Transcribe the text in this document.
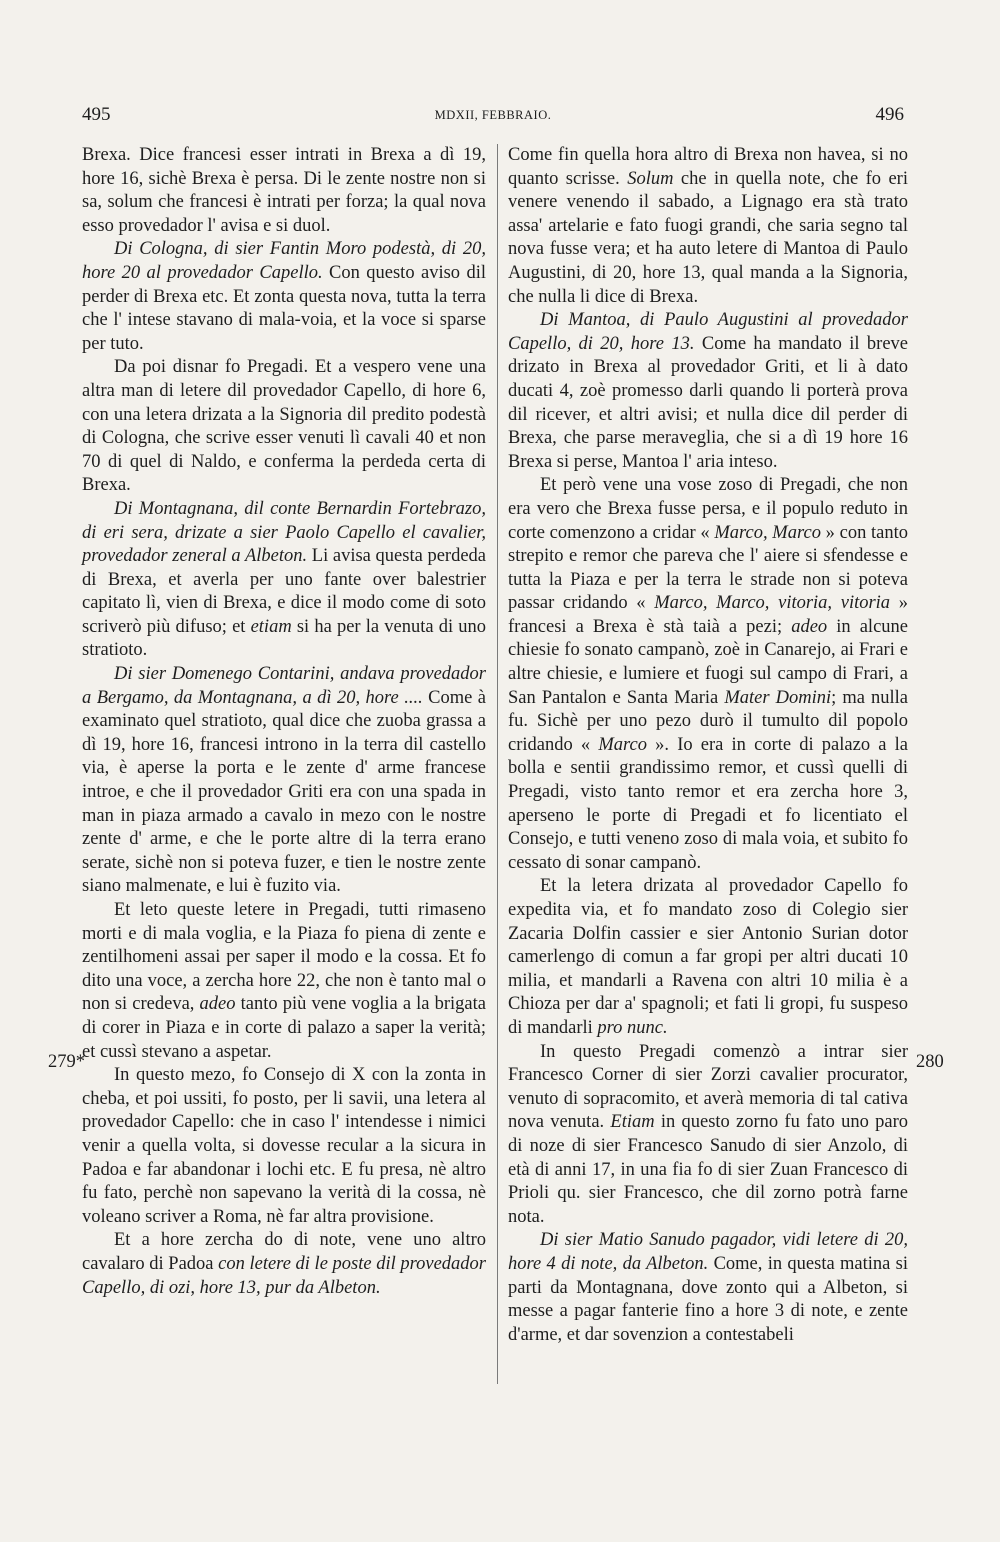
495	MDXII, FEBBRAIO.	496

Brexa. Dice francesi esser intrati in Brexa a dì 19, hore 16, sichè Brexa è persa. Di le zente nostre non si sa, solum che francesi è intrati per forza; la qual nova esso provedador l' avisa e si duol.

Di Cologna, di sier Fantin Moro podestà, di 20, hore 20 al provedador Capello. Con questo aviso dil perder di Brexa etc. Et zonta questa nova, tutta la terra che l' intese stavano di mala-voia, et la voce si sparse per tuto.

Da poi disnar fo Pregadi. Et a vespero vene una altra man di letere dil provedador Capello, di hore 6, con una letera drizata a la Signoria dil predito podestà di Cologna, che scrive esser venuti lì cavali 40 et non 70 di quel di Naldo, e conferma la perdeda certa di Brexa.

Di Montagnana, dil conte Bernardin Fortebrazo, di eri sera, drizate a sier Paolo Capello el cavalier, provedador zeneral a Albeton. Li avisa questa perdeda di Brexa, et averla per uno fante over balestrier capitato lì, vien di Brexa, e dice il modo come di soto scriverò più difuso; et etiam si ha per la venuta di uno stratioto.

Di sier Domenego Contarini, andava provedador a Bergamo, da Montagnana, a dì 20, hore .... Come à examinato quel stratioto, qual dice che zuoba grassa a dì 19, hore 16, francesi introno in la terra dil castello via, è aperse la porta e le zente d' arme francese introe, e che il provedador Griti era con una spada in man in piaza armado a cavalo in mezo con le nostre zente d' arme, e che le porte altre di la terra erano serate, sichè non si poteva fuzer, e tien le nostre zente siano malmenate, e lui è fuzito via.

Et leto queste letere in Pregadi, tutti rimaseno morti e di mala voglia, e la Piaza fo piena di zente e zentilhomeni assai per saper il modo e la cossa. Et fo dito una voce, a zercha hore 22, che non è tanto mal o non si credeva, adeo tanto più vene voglia a la brigata di corer in Piaza e in corte di palazo a saper la verità; et cussì stevano a aspetar.

In questo mezo, fo Consejo di X con la zonta in cheba, et poi ussiti, fo posto, per li savii, una letera al provedador Capello: che in caso l' intendesse i nimici venir a quella volta, si dovesse recular a la sicura in Padoa e far abandonar i lochi etc. E fu presa, nè altro fu fato, perchè non sapevano la verità di la cossa, nè voleano scriver a Roma, nè far altra provisione.

Et a hore zercha do di note, vene uno altro cavalaro di Padoa con letere di le poste dil provedador Capello, di ozi, hore 13, pur da Albeton.

Come fin quella hora altro di Brexa non havea, si no quanto scrisse. Solum che in quella note, che fo eri venere venendo il sabado, a Lignago era stà trato assa' artelarie e fato fuogi grandi, che saria segno tal nova fusse vera; et ha auto letere di Mantoa di Paulo Augustini, di 20, hore 13, qual manda a la Signoria, che nulla li dice di Brexa.

Di Mantoa, di Paulo Augustini al provedador Capello, di 20, hore 13. Come ha mandato il breve drizato in Brexa al provedador Griti, et li à dato ducati 4, zoè promesso darli quando li porterà prova dil ricever, et altri avisi; et nulla dice dil perder di Brexa, che parse meraveglia, che si a dì 19 hore 16 Brexa si perse, Mantoa l' aria inteso.

Et però vene una vose zoso di Pregadi, che non era vero che Brexa fusse persa, e il populo reduto in corte comenzono a cridar « Marco, Marco » con tanto strepito e remor che pareva che l' aiere si sfendesse e tutta la Piaza e per la terra le strade non si poteva passar cridando « Marco, Marco, vitoria, vitoria » francesi a Brexa è stà taià a pezi; adeo in alcune chiesie fo sonato campanò, zoè in Canarejo, ai Frari e altre chiesie, e lumiere et fuogi sul campo di Frari, a San Pantalon e Santa Maria Mater Domini; ma nulla fu. Sichè per uno pezo durò il tumulto dil popolo cridando « Marco ». Io era in corte di palazo a la bolla e sentii grandissimo remor, et cussì quelli di Pregadi, visto tanto remor et era zercha hore 3, aperseno le porte di Pregadi et fo licentiato el Consejo, e tutti veneno zoso di mala voia, et subito fo cessato di sonar campanò.

Et la letera drizata al provedador Capello fo expedita via, et fo mandato zoso di Colegio sier Zacaria Dolfin cassier e sier Antonio Surian dotor camerlengo di comun a far gropi per altri ducati 10 milia, et mandarli a Ravena con altri 10 milia è a Chioza per dar a' spagnoli; et fati li gropi, fu suspeso di mandarli pro nunc.

In questo Pregadi comenzò a intrar sier Francesco Corner di sier Zorzi cavalier procurator, venuto di sopracomito, et averà memoria di tal cativa nova venuta. Etiam in questo zorno fu fato uno paro di noze di sier Francesco Sanudo di sier Anzolo, di età di anni 17, in una fia fo di sier Zuan Francesco di Prioli qu. sier Francesco, che dil zorno potrà farne nota.

Di sier Matio Sanudo pagador, vidi letere di 20, hore 4 di note, da Albeton. Come, in questa matina si parti da Montagnana, dove zonto qui a Albeton, si messe a pagar fanterie fino a hore 3 di note, e zente d'arme, et dar sovenzion a contestabeli

279*	280
